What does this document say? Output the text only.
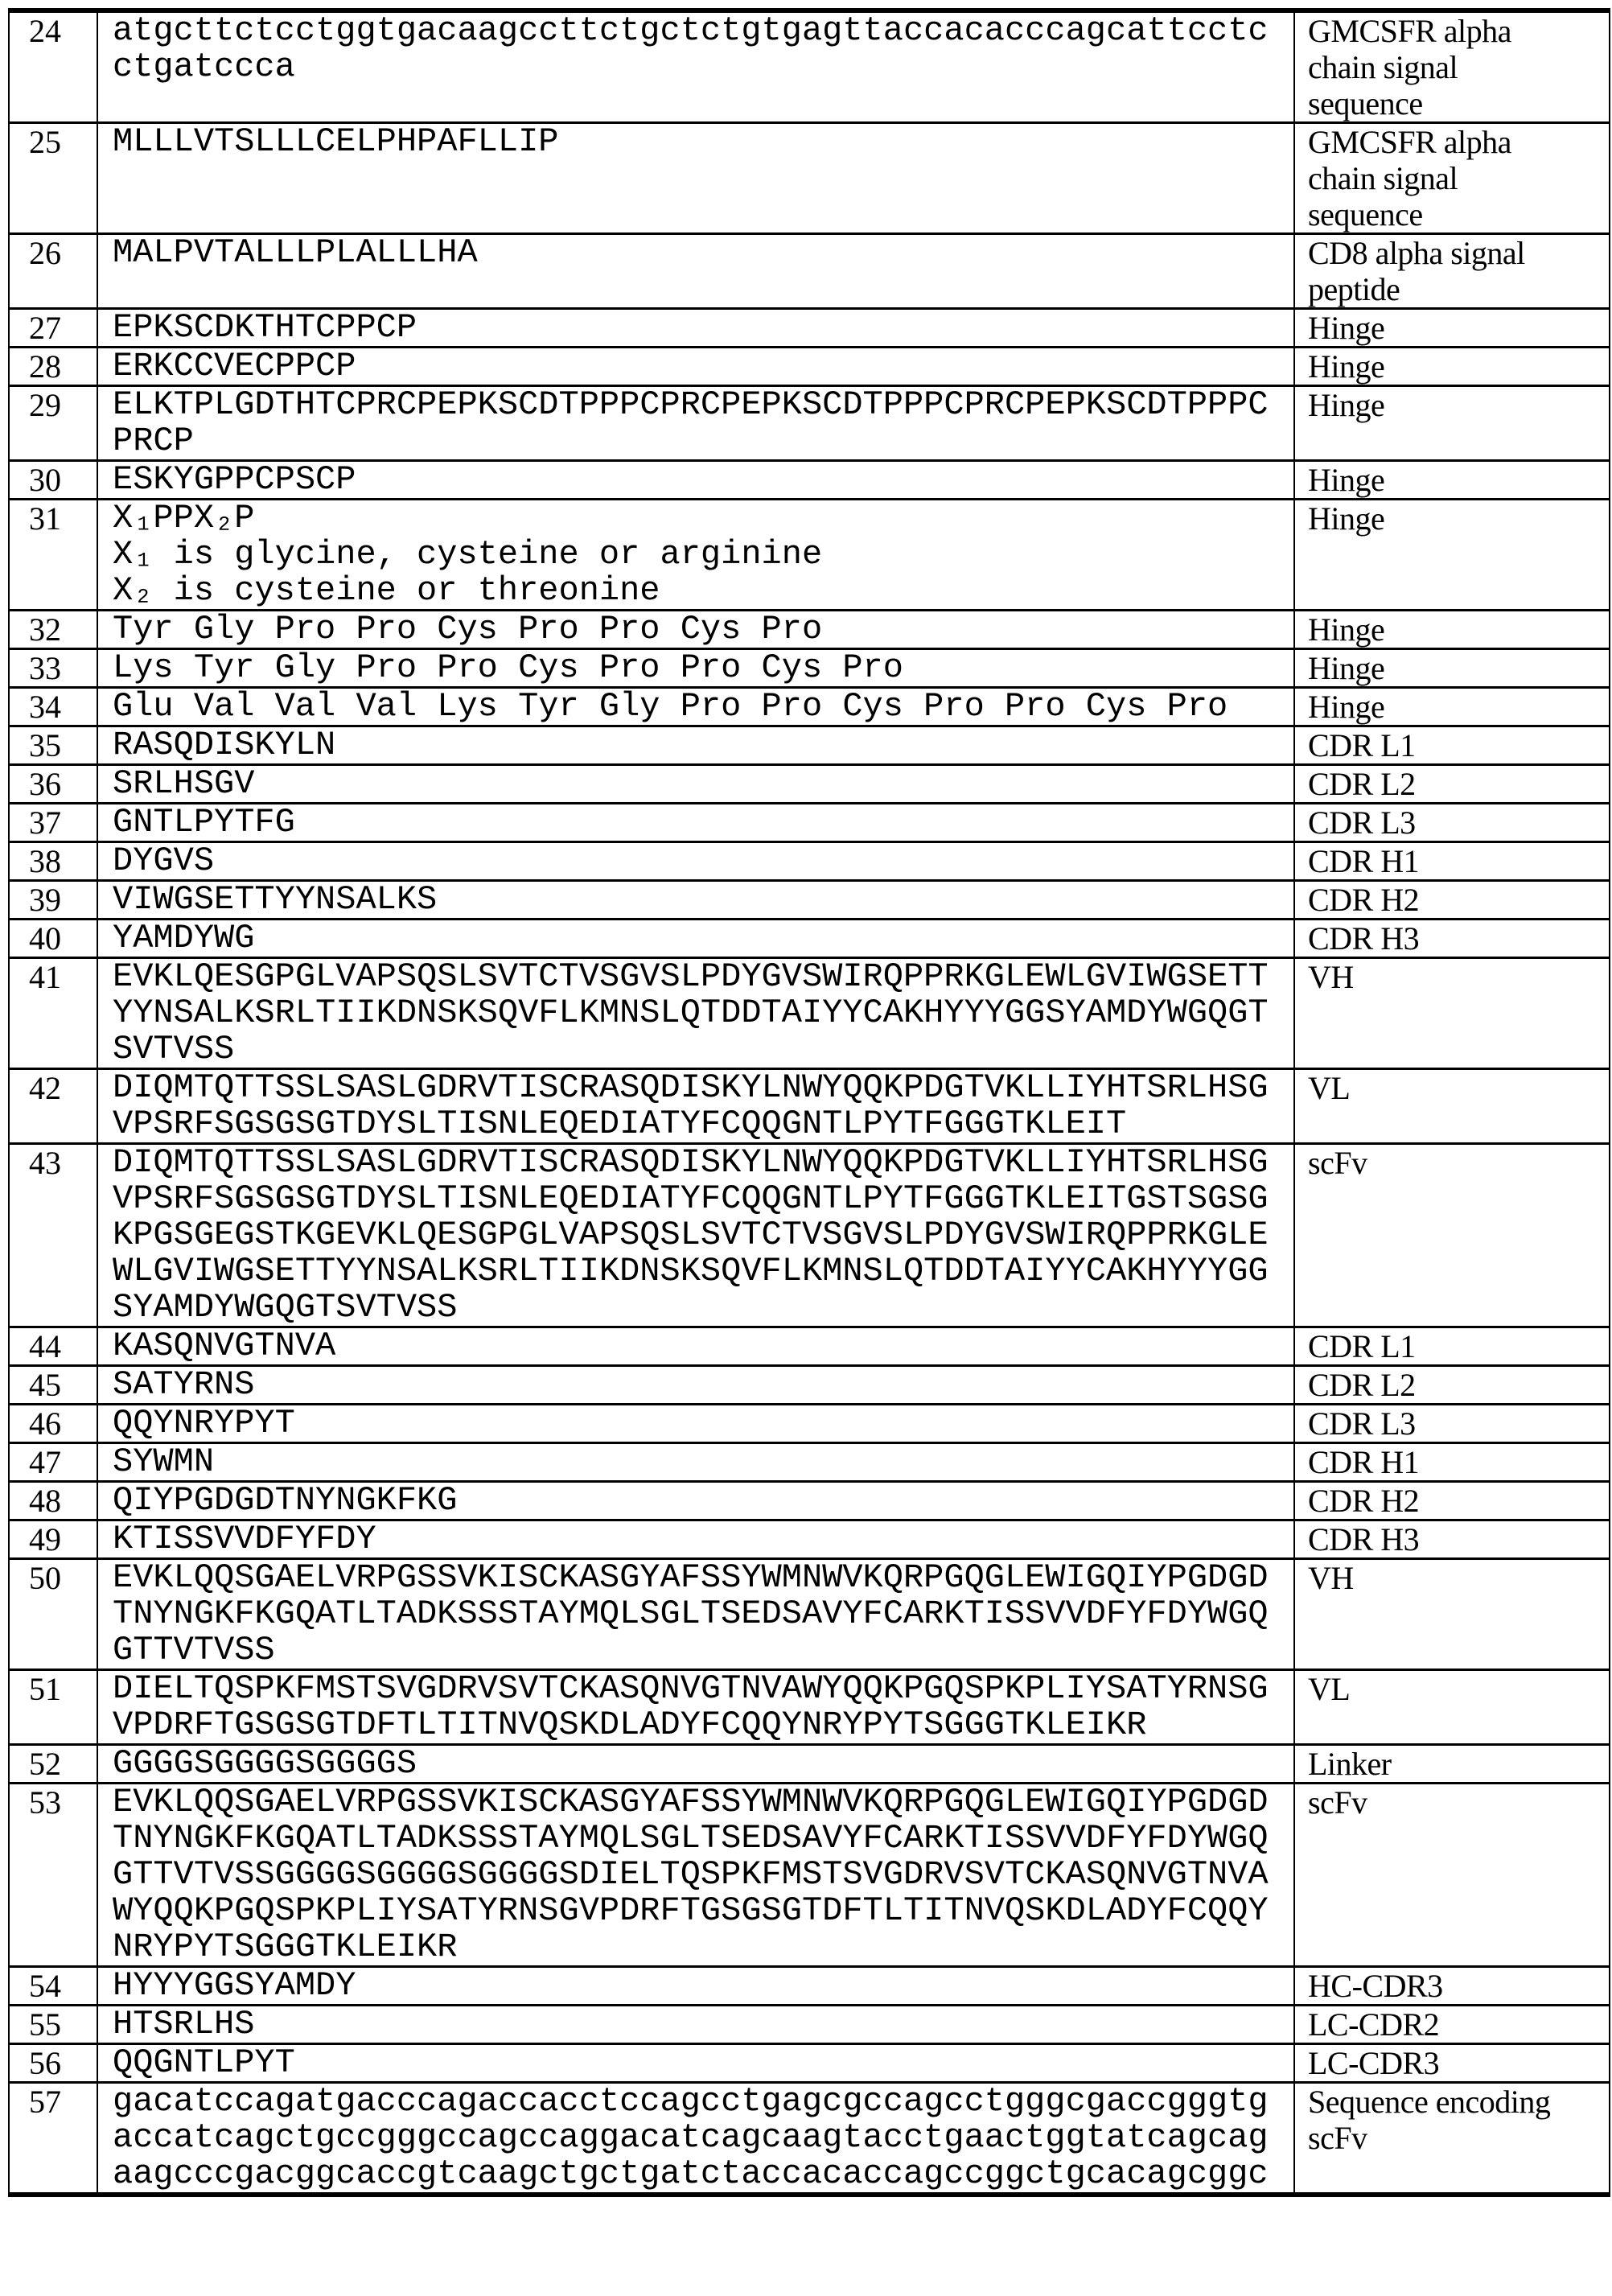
24	atgcttctcctggtgacaagccttctgctctgtgagttaccacacccagcattcctc
ctgatccca	GMCSFR alpha
chain signal
sequence
25	MLLLVTSLLLCELPHPAFLLIP	GMCSFR alpha
chain signal
sequence
26	MALPVTALLLPLALLLHA	CD8 alpha signal
peptide
27	EPKSCDKTHTCPPCP	Hinge
28	ERKCCVECPPCP	Hinge
29	ELKTPLGDTHTCPRCPEPKSCDTPPPCPRCPEPKSCDTPPPCPRCPEPKSCDTPPPC
PRCP	Hinge
30	ESKYGPPCPSCP	Hinge
31	X₁PPX₂P
X₁ is glycine, cysteine or arginine
X₂ is cysteine or threonine	Hinge
32	Tyr Gly Pro Pro Cys Pro Pro Cys Pro	Hinge
33	Lys Tyr Gly Pro Pro Cys Pro Pro Cys Pro	Hinge
34	Glu Val Val Val Lys Tyr Gly Pro Pro Cys Pro Pro Cys Pro	Hinge
35	RASQDISKYLN	CDR L1
36	SRLHSGV	CDR L2
37	GNTLPYTFG	CDR L3
38	DYGVS	CDR H1
39	VIWGSETTYYNSALKS	CDR H2
40	YAMDYWG	CDR H3
41	EVKLQESGPGLVAPSQSLSVTCTVSGVSLPDYGVSWIRQPPRKGLEWLGVIWGSETT
YYNSALKSRLTIIKDNSKSQVFLKMNSLQTDDTAIYYCAKHYYYGGSYAMDYWGQGT
SVTVSS	VH
42	DIQMTQTTSSLSASLGDRVTISCRASQDISKYLNWYQQKPDGTVKLLIYHTSRLHSG
VPSRFSGSGSGTDYSLTISNLEQEDIATYFCQQGNTLPYTFGGGTKLEIT	VL
43	DIQMTQTTSSLSASLGDRVTISCRASQDISKYLNWYQQKPDGTVKLLIYHTSRLHSG
VPSRFSGSGSGTDYSLTISNLEQEDIATYFCQQGNTLPYTFGGGTKLEITGSTSGSG
KPGSGEGSTKGEVKLQESGPGLVAPSQSLSVTCTVSGVSLPDYGVSWIRQPPRKGLE
WLGVIWGSETTYYNSALKSRLTIIKDNSKSQVFLKMNSLQTDDTAIYYCAKHYYYGG
SYAMDYWGQGTSVTVSS	scFv
44	KASQNVGTNVA	CDR L1
45	SATYRNS	CDR L2
46	QQYNRYPYT	CDR L3
47	SYWMN	CDR H1
48	QIYPGDGDTNYNGKFKG	CDR H2
49	KTISSVVDFYFDY	CDR H3
50	EVKLQQSGAELVRPGSSVKISCKASGYAFSSYWMNWVKQRPGQGLEWIGQIYPGDGD
TNYNGKFKGQATLTADKSSSTAYMQLSGLTSEDSAVYFCARKTISSVVDFYFDYWGQ
GTTVTVSS	VH
51	DIELTQSPKFMSTSVGDRVSVTCKASQNVGTNVAWYQQKPGQSPKPLIYSATYRNSG
VPDRFTGSGSGTDFTLTITNVQSKDLADYFCQQYNRYPYTSGGGTKLEIKR	VL
52	GGGGSGGGGSGGGGS	Linker
53	EVKLQQSGAELVRPGSSVKISCKASGYAFSSYWMNWVKQRPGQGLEWIGQIYPGDGD
TNYNGKFKGQATLTADKSSSTAYMQLSGLTSEDSAVYFCARKTISSVVDFYFDYWGQ
GTTVTVSSGGGGSGGGGSGGGGSDIELTQSPKFMSTSVGDRVSVTCKASQNVGTNVA
WYQQKPGQSPKPLIYSATYRNSGVPDRFTGSGSGTDFTLTITNVQSKDLADYFCQQY
NRYPYTSGGGTKLEIKR	scFv
54	HYYYGGSYAMDY	HC-CDR3
55	HTSRLHS	LC-CDR2
56	QQGNTLPYT	LC-CDR3
57	gacatccagatgacccagaccacctccagcctgagcgccagcctgggcgaccgggtg
accatcagctgccgggccagccaggacatcagcaagtacctgaactggtatcagcag
aagcccgacggcaccgtcaagctgctgatctaccacaccagccggctgcacagcggc	Sequence encoding
scFv
